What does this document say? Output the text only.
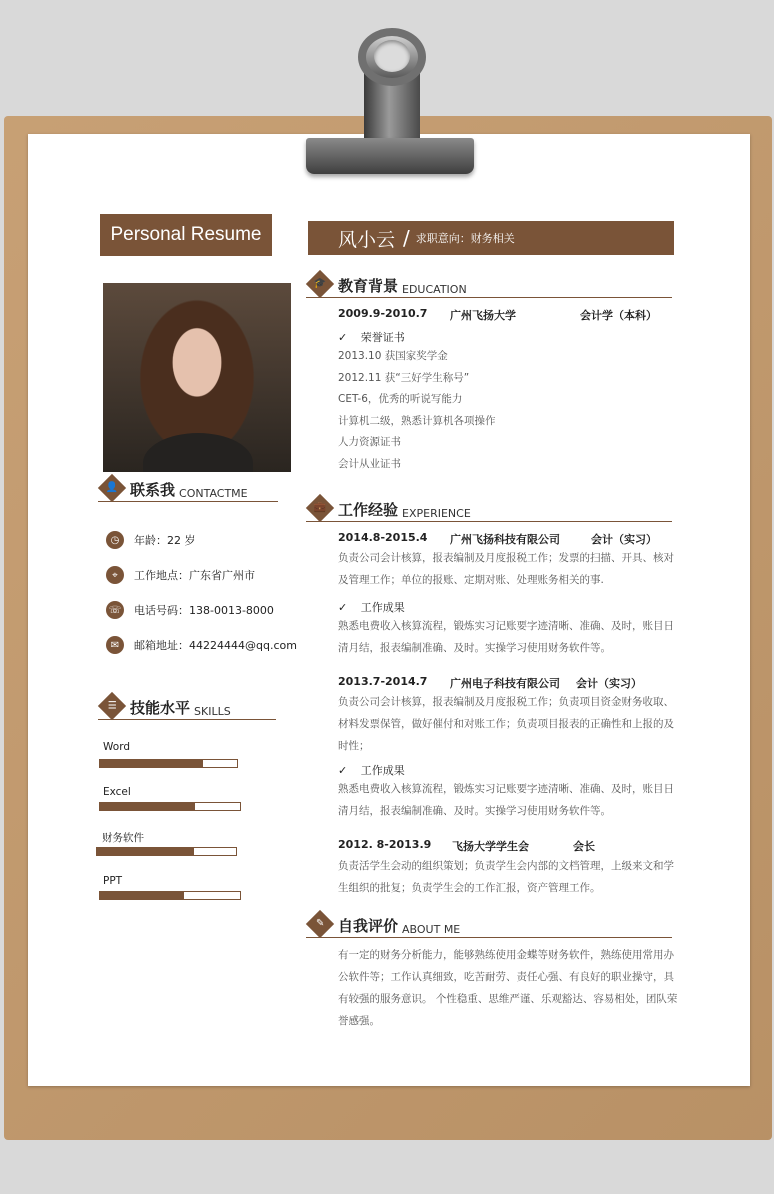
Personal Resume	风小云 / 求职意向：财务相关
👤 联系我 CONTACTME
◷	年龄：22 岁
⌖	工作地点：广东省广州市
☏ 电话号码：138-0013-8000
✉	邮箱地址：44224444@qq.com
☰ 技能水平 SKILLS
Word
Excel
财务软件
PPT
🎓 教育背景 EDUCATION
2009.9-2010.7 广州飞扬大学	会计学（本科）
✓ 荣誉证书
2013.10 获国家奖学金
2012.11 获“三好学生称号”
CET-6，优秀的听说写能力
计算机二级，熟悉计算机各项操作
人力资源证书
会计从业证书
💼 工作经验 EXPERIENCE
2014.8-2015.4 广州飞扬科技有限公司	会计（实习）
负责公司会计核算，报表编制及月度报税工作；发票的扫描、开具、核对及管理工作；单位的报账、定期对账、处理账务相关的事.
✓ 工作成果
熟悉电费收入核算流程，锻炼实习记账要字迹清晰、准确、及时，账目日清月结，报表编制准确、及时。实操学习使用财务软件等。
2013.7-2014.7 广州电子科技有限公司 会计（实习）
负责公司会计核算，报表编制及月度报税工作；负责项目资金财务收取、材料发票保管，做好催付和对账工作；负责项目报表的正确性和上报的及时性；
✓ 工作成果
熟悉电费收入核算流程，锻炼实习记账要字迹清晰、准确、及时，账目日清月结，报表编制准确、及时。实操学习使用财务软件等。
2012. 8-2013.9 飞扬大学学生会	会长
负责活学生会动的组织策划；负责学生会内部的文档管理，上级来文和学生组织的批复；负责学生会的工作汇报，资产管理工作。
✎ 自我评价 ABOUT ME
有一定的财务分析能力，能够熟练使用金蝶等财务软件，熟练使用常用办公软件等；工作认真细致，吃苦耐劳、责任心强、有良好的职业操守，具有较强的服务意识。 个性稳重、思维严谨、乐观豁达、容易相处，团队荣誉感强。
